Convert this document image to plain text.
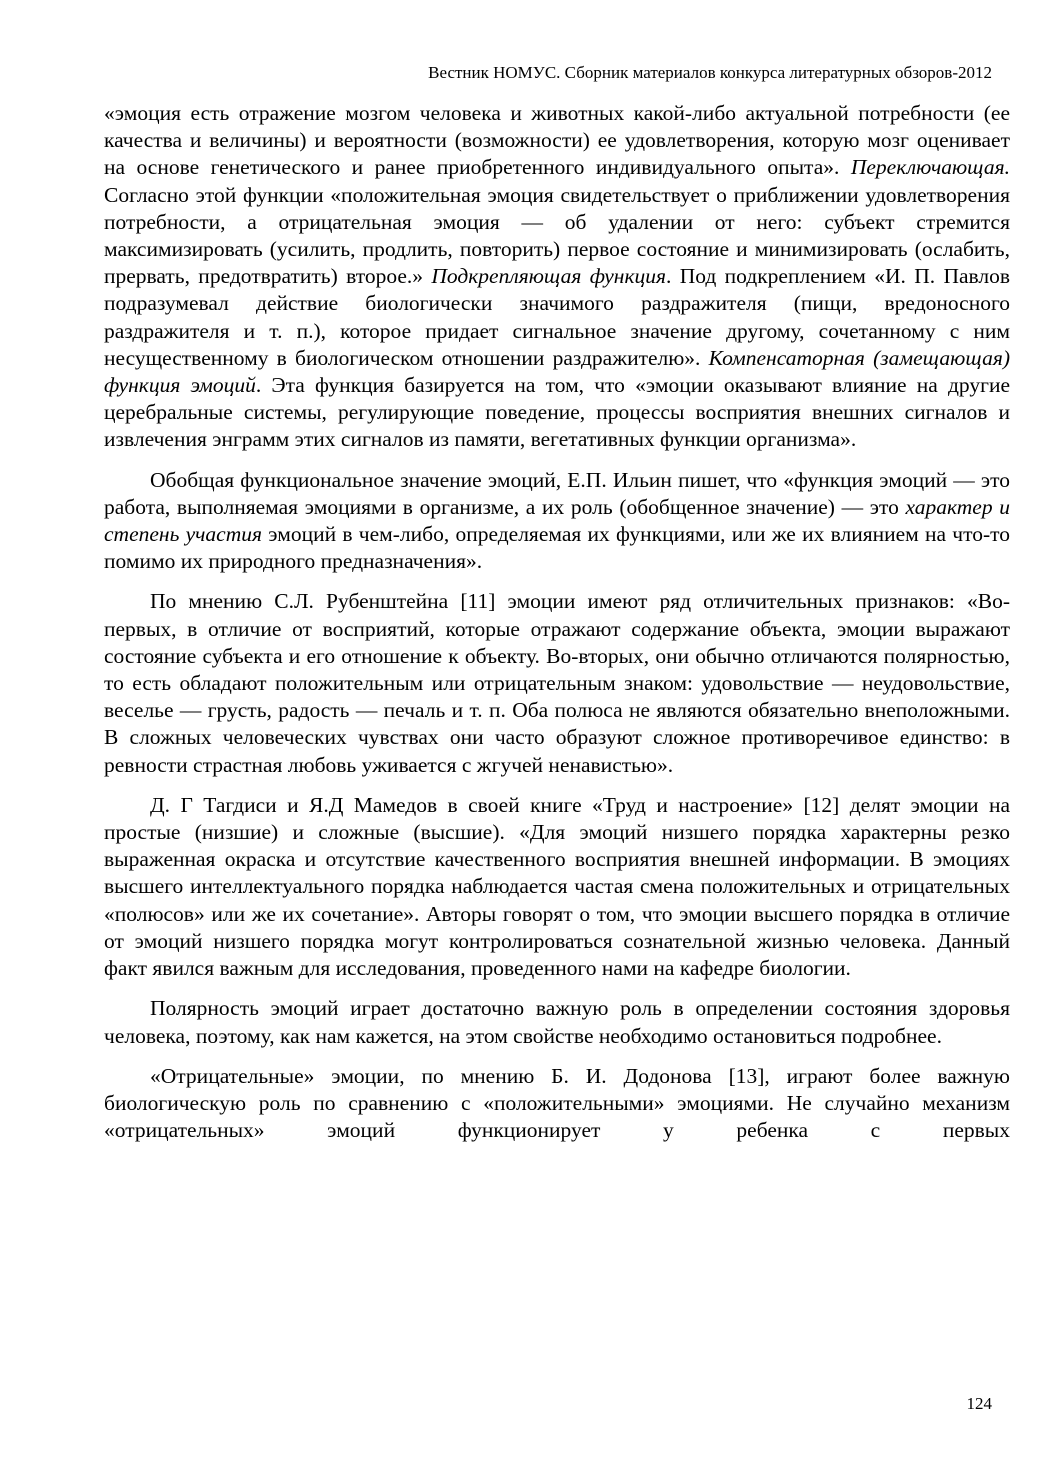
Вестник НОМУС. Сборник материалов конкурса литературных обзоров-2012

«эмоция есть отражение мозгом человека и животных какой-либо актуальной потребности (ее качества и величины) и вероятности (возможности) ее удовлетворения, которую мозг оценивает на основе генетического и ранее приобретенного индивидуального опыта». Переключающая. Согласно этой функции «положительная эмоция свидетельствует о приближении удовлетворения потребности, а отрицательная эмоция — об удалении от него: субъект стремится максимизировать (усилить, продлить, повторить) первое состояние и минимизировать (ослабить, прервать, предотвратить) второе.» Подкрепляющая функция. Под подкреплением «И. П. Павлов подразумевал действие биологически значимого раздражителя (пищи, вредоносного раздражителя и т. п.), которое придает сигнальное значение другому, сочетанному с ним несущественному в биологическом отношении раздражителю». Компенсаторная (замещающая) функция эмоций. Эта функция базируется на том, что «эмоции оказывают влияние на другие церебральные системы, регулирующие поведение, процессы восприятия внешних сигналов и извлечения энграмм этих сигналов из памяти, вегетативных функции организма».

Обобщая функциональное значение эмоций, Е.П. Ильин пишет, что «функция эмоций — это работа, выполняемая эмоциями в организме, а их роль (обобщенное значение) — это характер и степень участия эмоций в чем-либо, определяемая их функциями, или же их влиянием на что-то помимо их природного предназначения».

По мнению С.Л. Рубенштейна [11] эмоции имеют ряд отличительных признаков: «Во-первых, в отличие от восприятий, которые отражают содержание объекта, эмоции выражают состояние субъекта и его отношение к объекту. Во-вторых, они обычно отличаются полярностью, то есть обладают положительным или отрицательным знаком: удовольствие — неудовольствие, веселье — грусть, радость — печаль и т. п. Оба полюса не являются обязательно внеположными. В сложных человеческих чувствах они часто образуют сложное противоречивое единство: в ревности страстная любовь уживается с жгучей ненавистью».

Д. Г Тагдиси и Я.Д Мамедов в своей книге «Труд и настроение» [12] делят эмоции на простые (низшие) и сложные (высшие). «Для эмоций низшего порядка характерны резко выраженная окраска и отсутствие качественного восприятия внешней информации. В эмоциях высшего интеллектуального порядка наблюдается частая смена положительных и отрицательных «полюсов» или же их сочетание». Авторы говорят о том, что эмоции высшего порядка в отличие от эмоций низшего порядка могут контролироваться сознательной жизнью человека. Данный факт явился важным для исследования, проведенного нами на кафедре биологии.

Полярность эмоций играет достаточно важную роль в определении состояния здоровья человека, поэтому, как нам кажется, на этом свойстве необходимо остановиться подробнее.

«Отрицательные» эмоции, по мнению Б. И. Додонова [13], играют более важную биологическую роль по сравнению с «положительными» эмоциями. Не случайно механизм «отрицательных» эмоций функционирует у ребенка с первых

124
